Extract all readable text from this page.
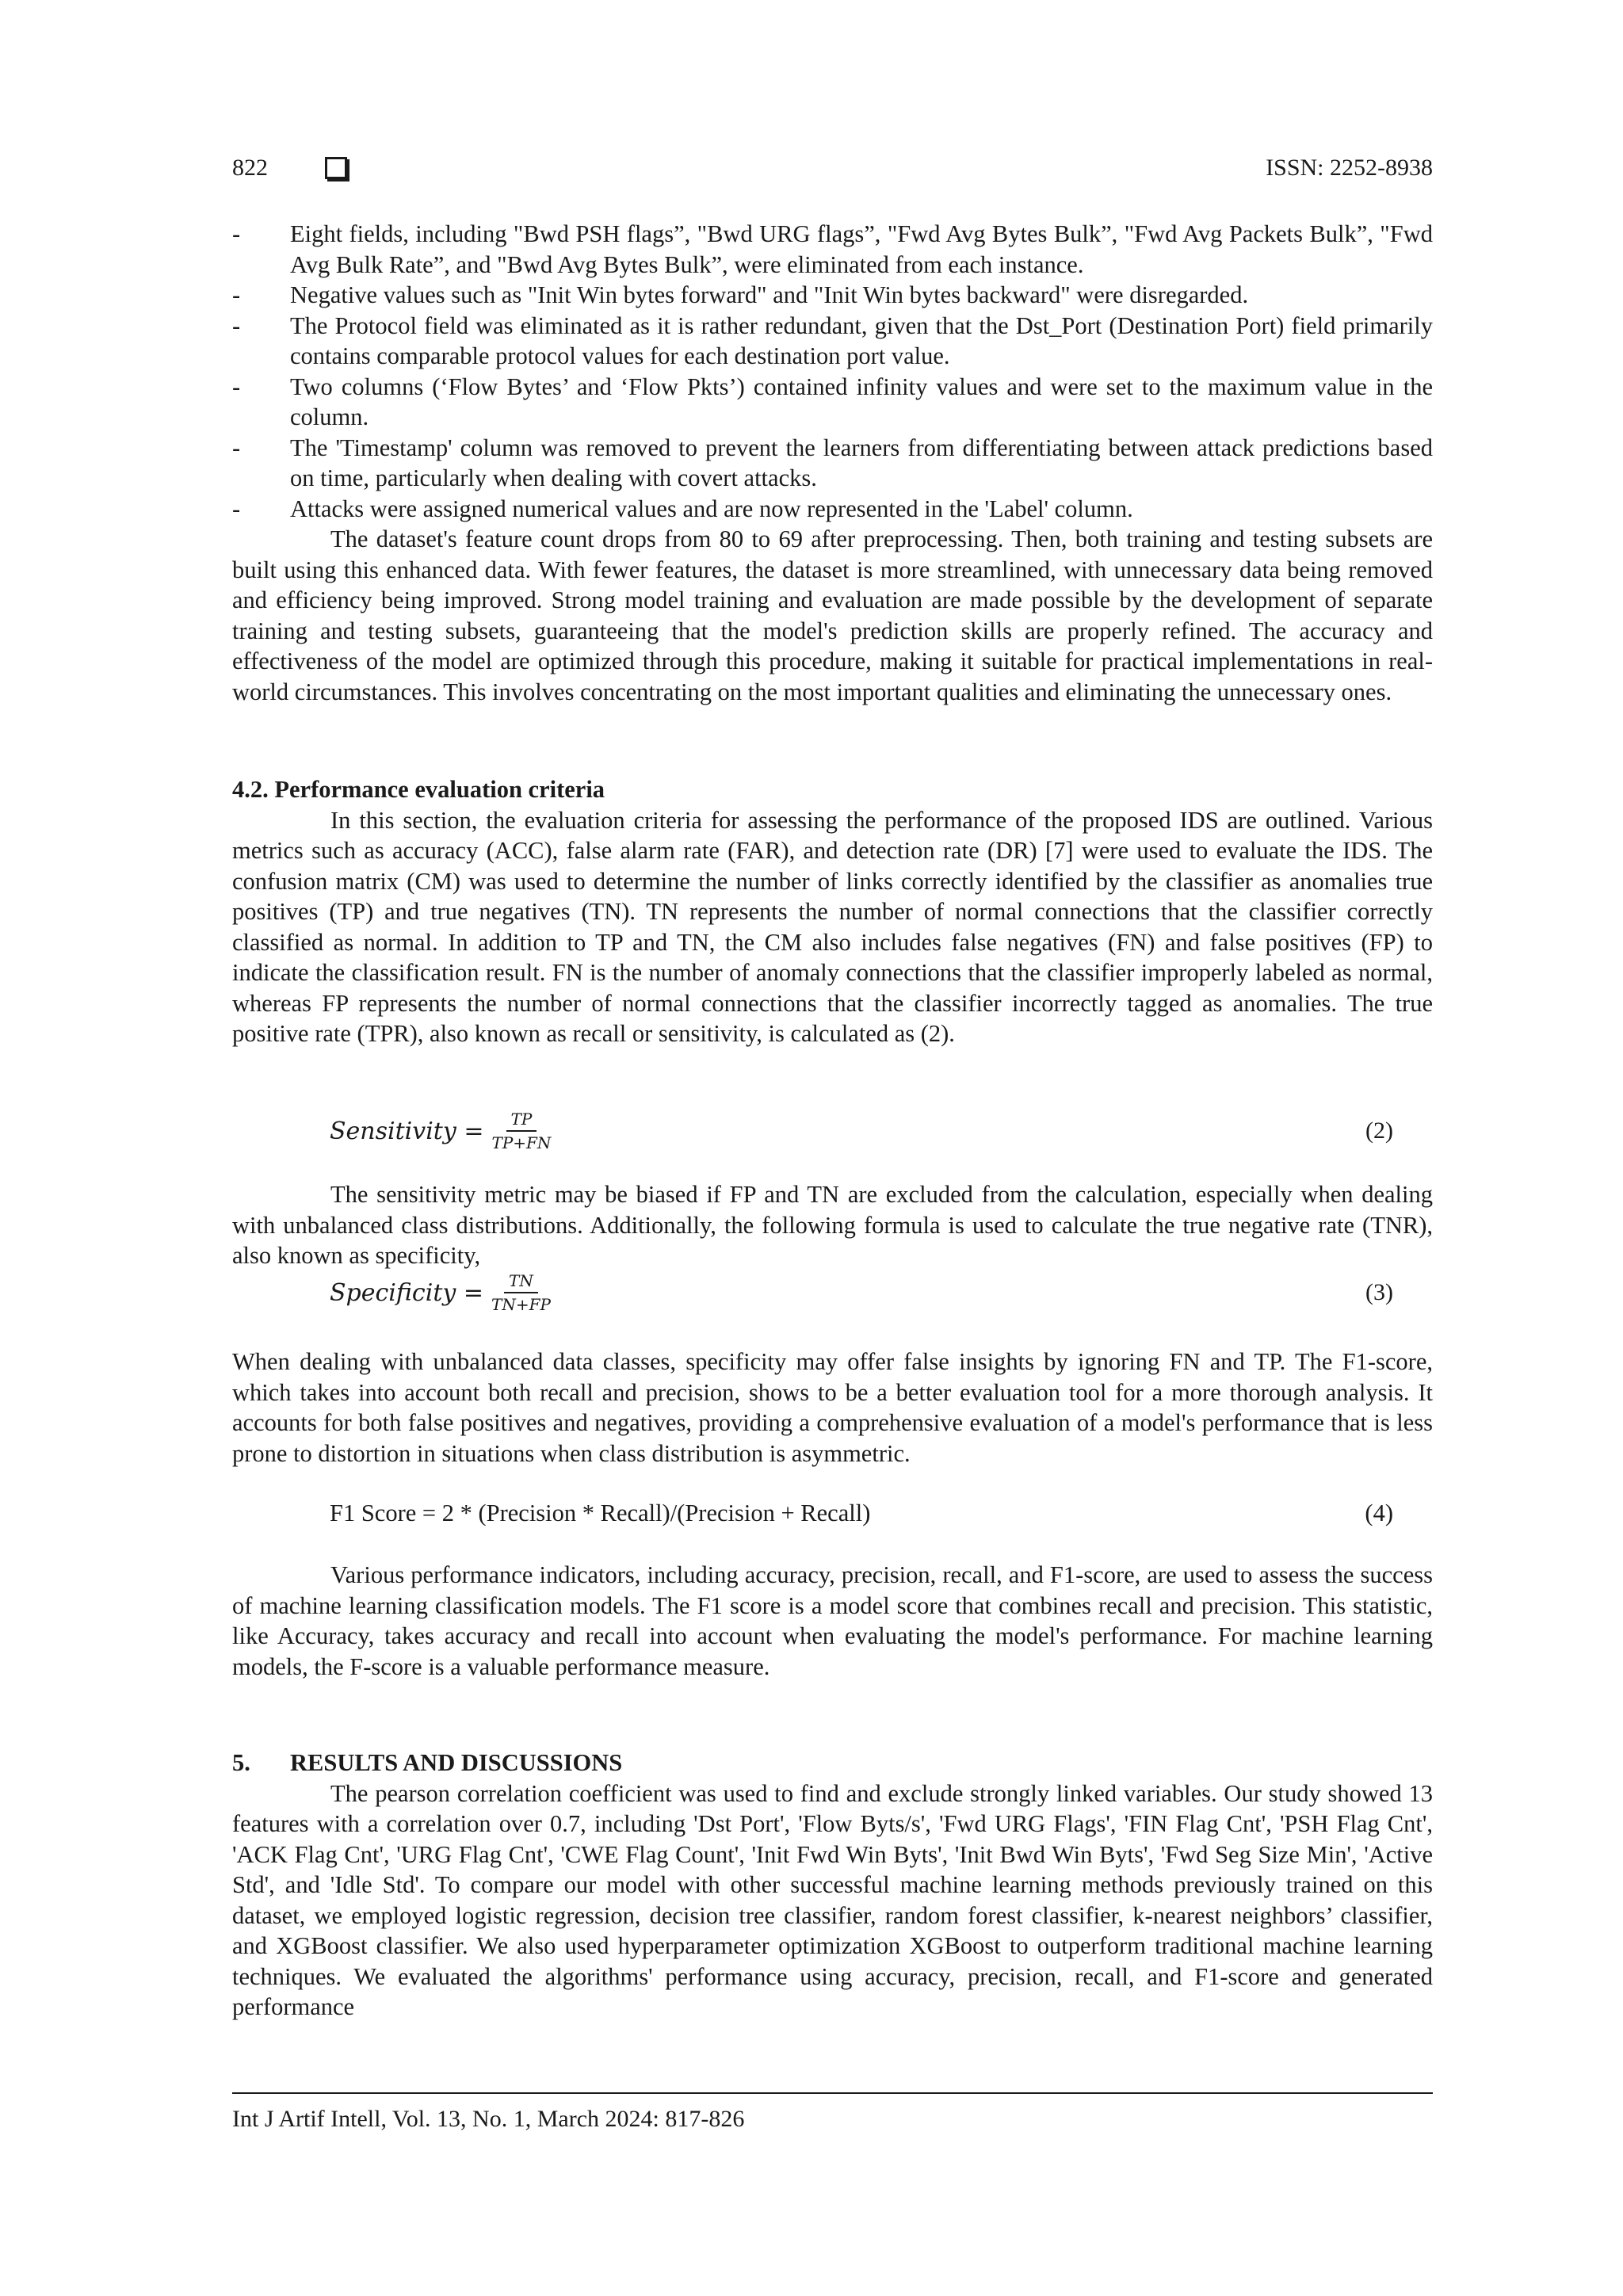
822	ISSN: 2252-8938
-	Eight fields, including "Bwd PSH flags”, "Bwd URG flags”, "Fwd Avg Bytes Bulk”, "Fwd Avg Packets Bulk”, "Fwd Avg Bulk Rate”, and "Bwd Avg Bytes Bulk”, were eliminated from each instance.
-	Negative values such as "Init Win bytes forward" and "Init Win bytes backward" were disregarded.
-	The Protocol field was eliminated as it is rather redundant, given that the Dst_Port (Destination Port) field primarily contains comparable protocol values for each destination port value.
-	Two columns (‘Flow Bytes’ and ‘Flow Pkts’) contained infinity values and were set to the maximum value in the column.
-	The 'Timestamp' column was removed to prevent the learners from differentiating between attack predictions based on time, particularly when dealing with covert attacks.
-	Attacks were assigned numerical values and are now represented in the 'Label' column.

The dataset's feature count drops from 80 to 69 after preprocessing. Then, both training and testing subsets are built using this enhanced data. With fewer features, the dataset is more streamlined, with unnecessary data being removed and efficiency being improved. Strong model training and evaluation are made possible by the development of separate training and testing subsets, guaranteeing that the model's prediction skills are properly refined. The accuracy and effectiveness of the model are optimized through this procedure, making it suitable for practical implementations in real-world circumstances. This involves concentrating on the most important qualities and eliminating the unnecessary ones.

4.2. Performance evaluation criteria

In this section, the evaluation criteria for assessing the performance of the proposed IDS are outlined. Various metrics such as accuracy (ACC), false alarm rate (FAR), and detection rate (DR) [7] were used to evaluate the IDS. The confusion matrix (CM) was used to determine the number of links correctly identified by the classifier as anomalies true positives (TP) and true negatives (TN). TN represents the number of normal connections that the classifier correctly classified as normal. In addition to TP and TN, the CM also includes false negatives (FN) and false positives (FP) to indicate the classification result. FN is the number of anomaly connections that the classifier improperly labeled as normal, whereas FP represents the number of normal connections that the classifier incorrectly tagged as anomalies. The true positive rate (TPR), also known as recall or sensitivity, is calculated as (2).

Sensitivity = $\frac{TP}{TP+FN}$	(2)

The sensitivity metric may be biased if FP and TN are excluded from the calculation, especially when dealing with unbalanced class distributions. Additionally, the following formula is used to calculate the true negative rate (TNR), also known as specificity,

Specificity = $\frac{TN}{TN+FP}$	(3)

When dealing with unbalanced data classes, specificity may offer false insights by ignoring FN and TP. The F1-score, which takes into account both recall and precision, shows to be a better evaluation tool for a more thorough analysis. It accounts for both false positives and negatives, providing a comprehensive evaluation of a model's performance that is less prone to distortion in situations when class distribution is asymmetric.

F1 Score = 2 * (Precision * Recall)/(Precision + Recall)	(4)

Various performance indicators, including accuracy, precision, recall, and F1-score, are used to assess the success of machine learning classification models. The F1 score is a model score that combines recall and precision. This statistic, like Accuracy, takes accuracy and recall into account when evaluating the model's performance. For machine learning models, the F-score is a valuable performance measure.

5.	RESULTS AND DISCUSSIONS

The pearson correlation coefficient was used to find and exclude strongly linked variables. Our study showed 13 features with a correlation over 0.7, including 'Dst Port', 'Flow Byts/s', 'Fwd URG Flags', 'FIN Flag Cnt', 'PSH Flag Cnt', 'ACK Flag Cnt', 'URG Flag Cnt', 'CWE Flag Count', 'Init Fwd Win Byts', 'Init Bwd Win Byts', 'Fwd Seg Size Min', 'Active Std', and 'Idle Std'. To compare our model with other successful machine learning methods previously trained on this dataset, we employed logistic regression, decision tree classifier, random forest classifier, k-nearest neighbors’ classifier, and XGBoost classifier. We also used hyperparameter optimization XGBoost to outperform traditional machine learning techniques. We evaluated the algorithms' performance using accuracy, precision, recall, and F1-score and generated performance

Int J Artif Intell, Vol. 13, No. 1, March 2024: 817-826
